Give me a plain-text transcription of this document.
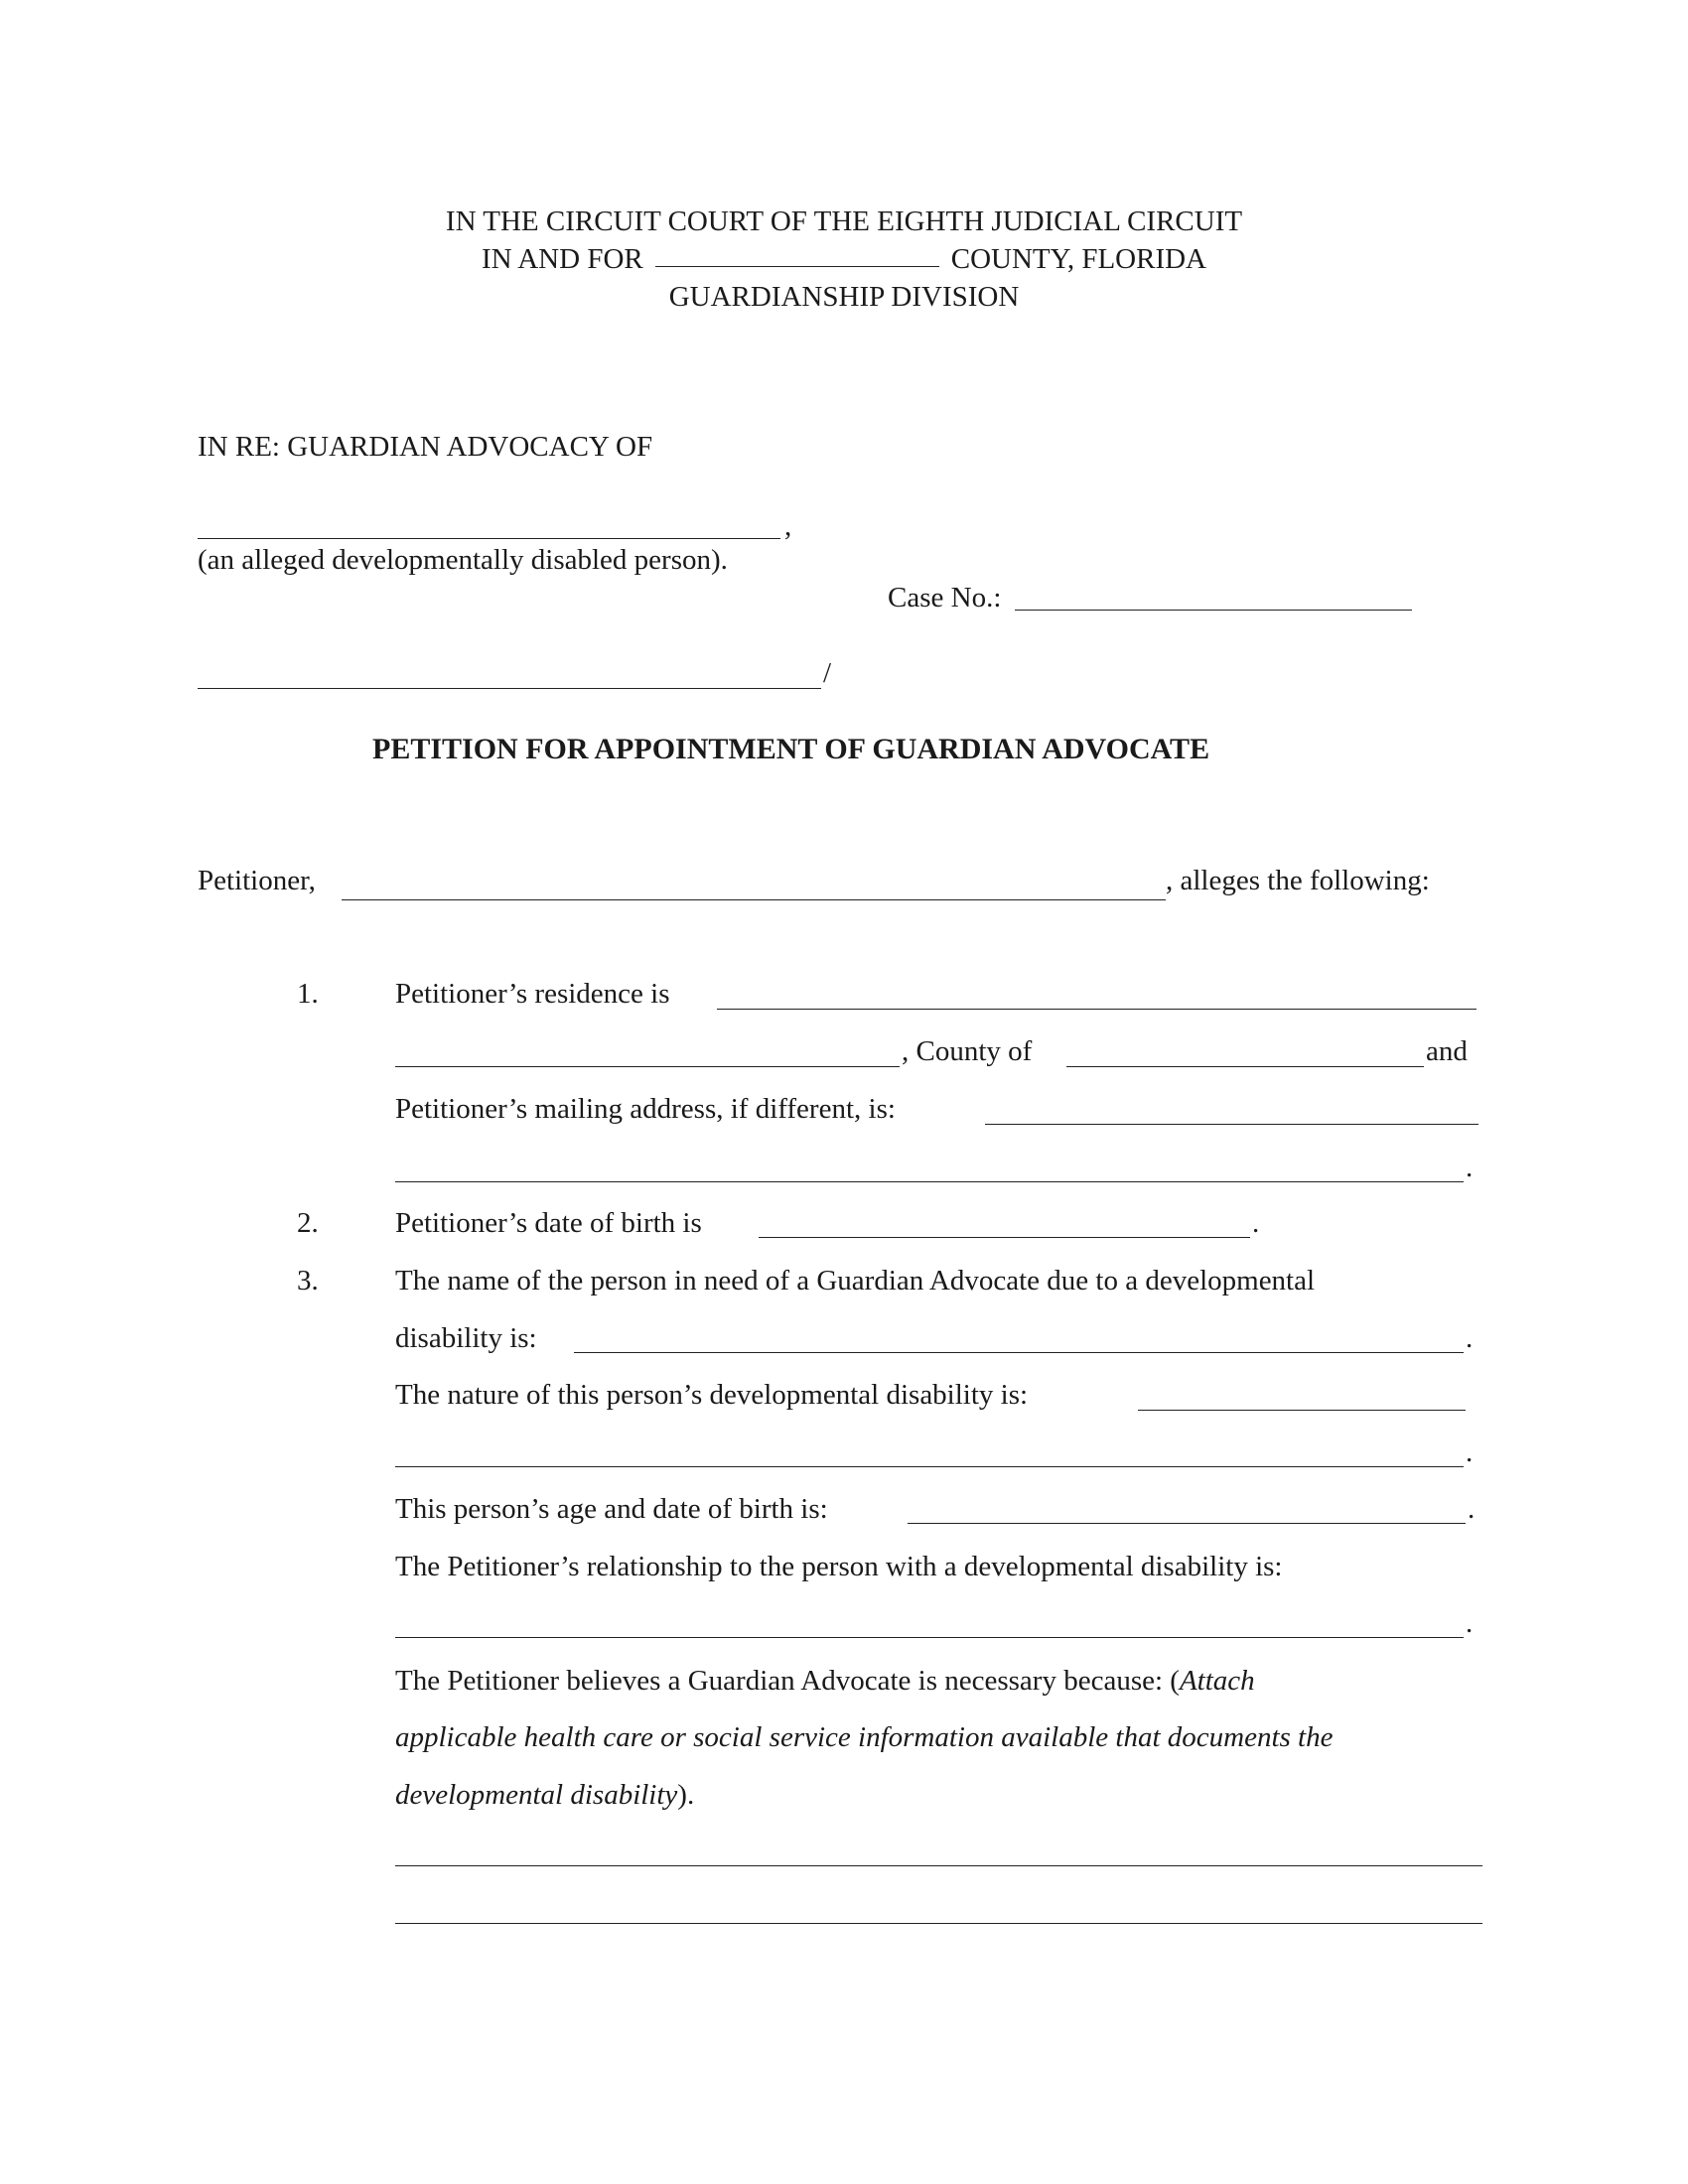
IN THE CIRCUIT COURT OF THE EIGHTH JUDICIAL CIRCUIT
IN AND FOR	COUNTY, FLORIDA
GUARDIANSHIP DIVISION
IN RE: GUARDIAN ADVOCACY OF
,
(an alleged developmentally disabled person).
Case No.:
/
PETITION FOR APPOINTMENT OF GUARDIAN ADVOCATE
Petitioner,	, alleges the following:
1.	Petitioner’s residence is
, County of	and
Petitioner’s mailing address, if different, is:
.
2.	Petitioner’s date of birth is	.
3.	The name of the person in need of a Guardian Advocate due to a developmental
disability is:	.
The nature of this person’s developmental disability is:
.
This person’s age and date of birth is:	.
The Petitioner’s relationship to the person with a developmental disability is:
.
The Petitioner believes a Guardian Advocate is necessary because: (Attach
applicable health care or social service information available that documents the
developmental disability).
